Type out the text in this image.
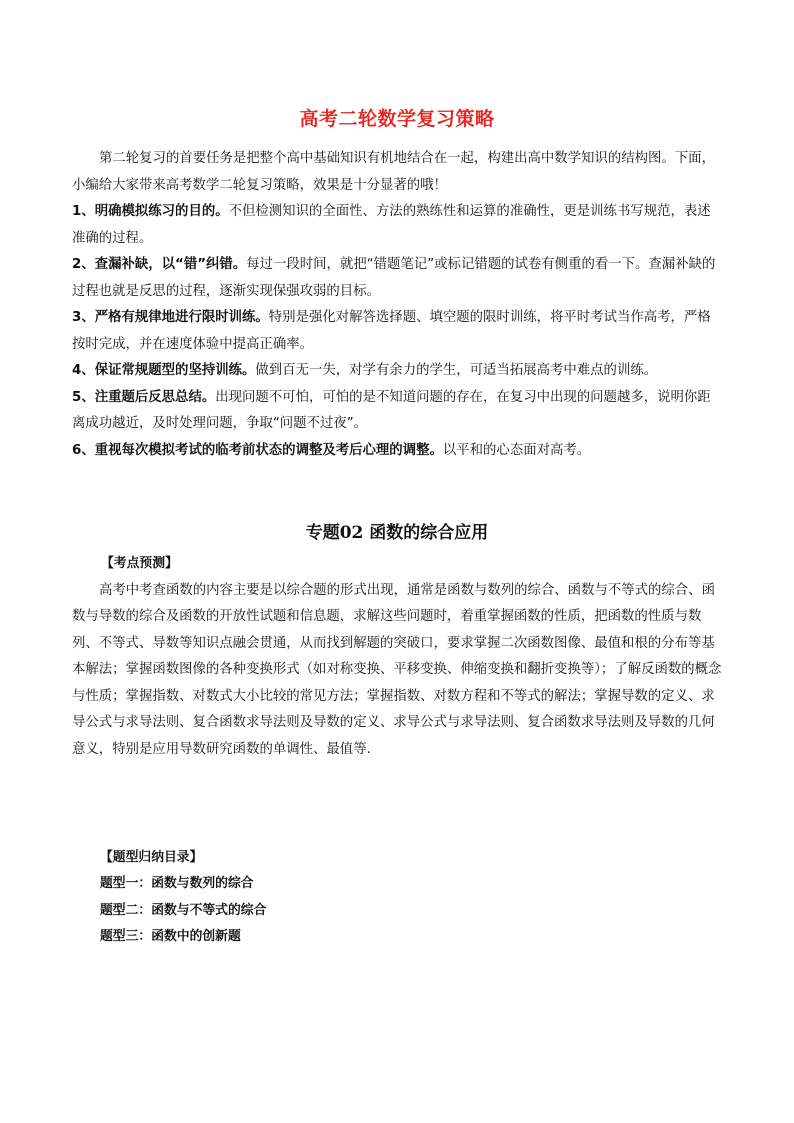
高考二轮数学复习策略

第二轮复习的首要任务是把整个高中基础知识有机地结合在一起，构建出高中数学知识的结构图。下面，小编给大家带来高考数学二轮复习策略，效果是十分显著的哦！

1、明确模拟练习的目的。不但检测知识的全面性、方法的熟练性和运算的准确性，更是训练书写规范，表述准确的过程。

2、查漏补缺，以“错”纠错。每过一段时间，就把“错题笔记”或标记错题的试卷有侧重的看一下。查漏补缺的过程也就是反思的过程，逐渐实现保强攻弱的目标。

3、严格有规律地进行限时训练。特别是强化对解答选择题、填空题的限时训练，将平时考试当作高考，严格按时完成，并在速度体验中提高正确率。

4、保证常规题型的坚持训练。做到百无一失，对学有余力的学生，可适当拓展高考中难点的训练。

5、注重题后反思总结。出现问题不可怕，可怕的是不知道问题的存在，在复习中出现的问题越多，说明你距离成功越近，及时处理问题，争取“问题不过夜”。

6、重视每次模拟考试的临考前状态的调整及考后心理的调整。以平和的心态面对高考。

专题02 函数的综合应用

【考点预测】

高考中考查函数的内容主要是以综合题的形式出现，通常是函数与数列的综合、函数与不等式的综合、函数与导数的综合及函数的开放性试题和信息题，求解这些问题时，着重掌握函数的性质，把函数的性质与数列、不等式、导数等知识点融会贯通，从而找到解题的突破口，要求掌握二次函数图像、最值和根的分布等基本解法；掌握函数图像的各种变换形式（如对称变换、平移变换、伸缩变换和翻折变换等）；了解反函数的概念与性质；掌握指数、对数式大小比较的常见方法；掌握指数、对数方程和不等式的解法；掌握导数的定义、求导公式与求导法则、复合函数求导法则及导数的定义、求导公式与求导法则、复合函数求导法则及导数的几何意义，特别是应用导数研究函数的单调性、最值等.

【题型归纳目录】
题型一：函数与数列的综合
题型二：函数与不等式的综合
题型三：函数中的创新题
